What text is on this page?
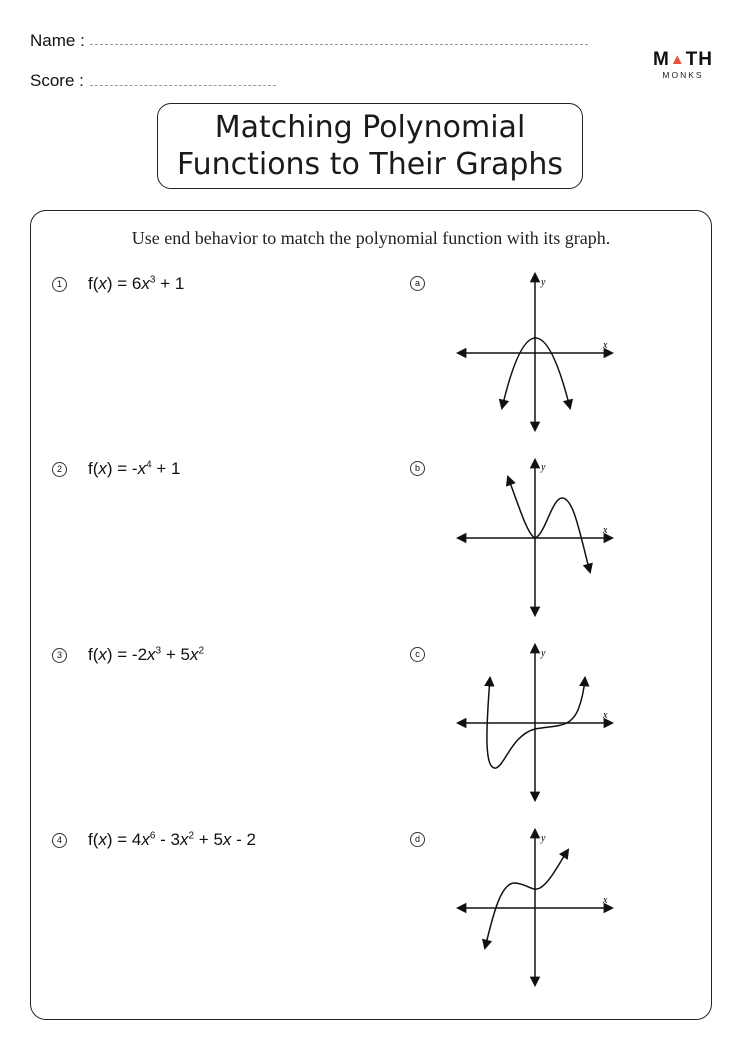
Name :
Score :
M▲TH
MONKS
Matching Polynomial
Functions to Their Graphs
Use end behavior to match the polynomial function with its graph.
1 $f(x) = 6x^3 + 1$
2 $f(x) = -x^4 + 1$
3 $f(x) = -2x^3 + 5x^2$
4 $f(x) = 4x^6 - 3x^2 + 5x - 2$
a
b
c
d
y
x
y
x
y
x
y
x
